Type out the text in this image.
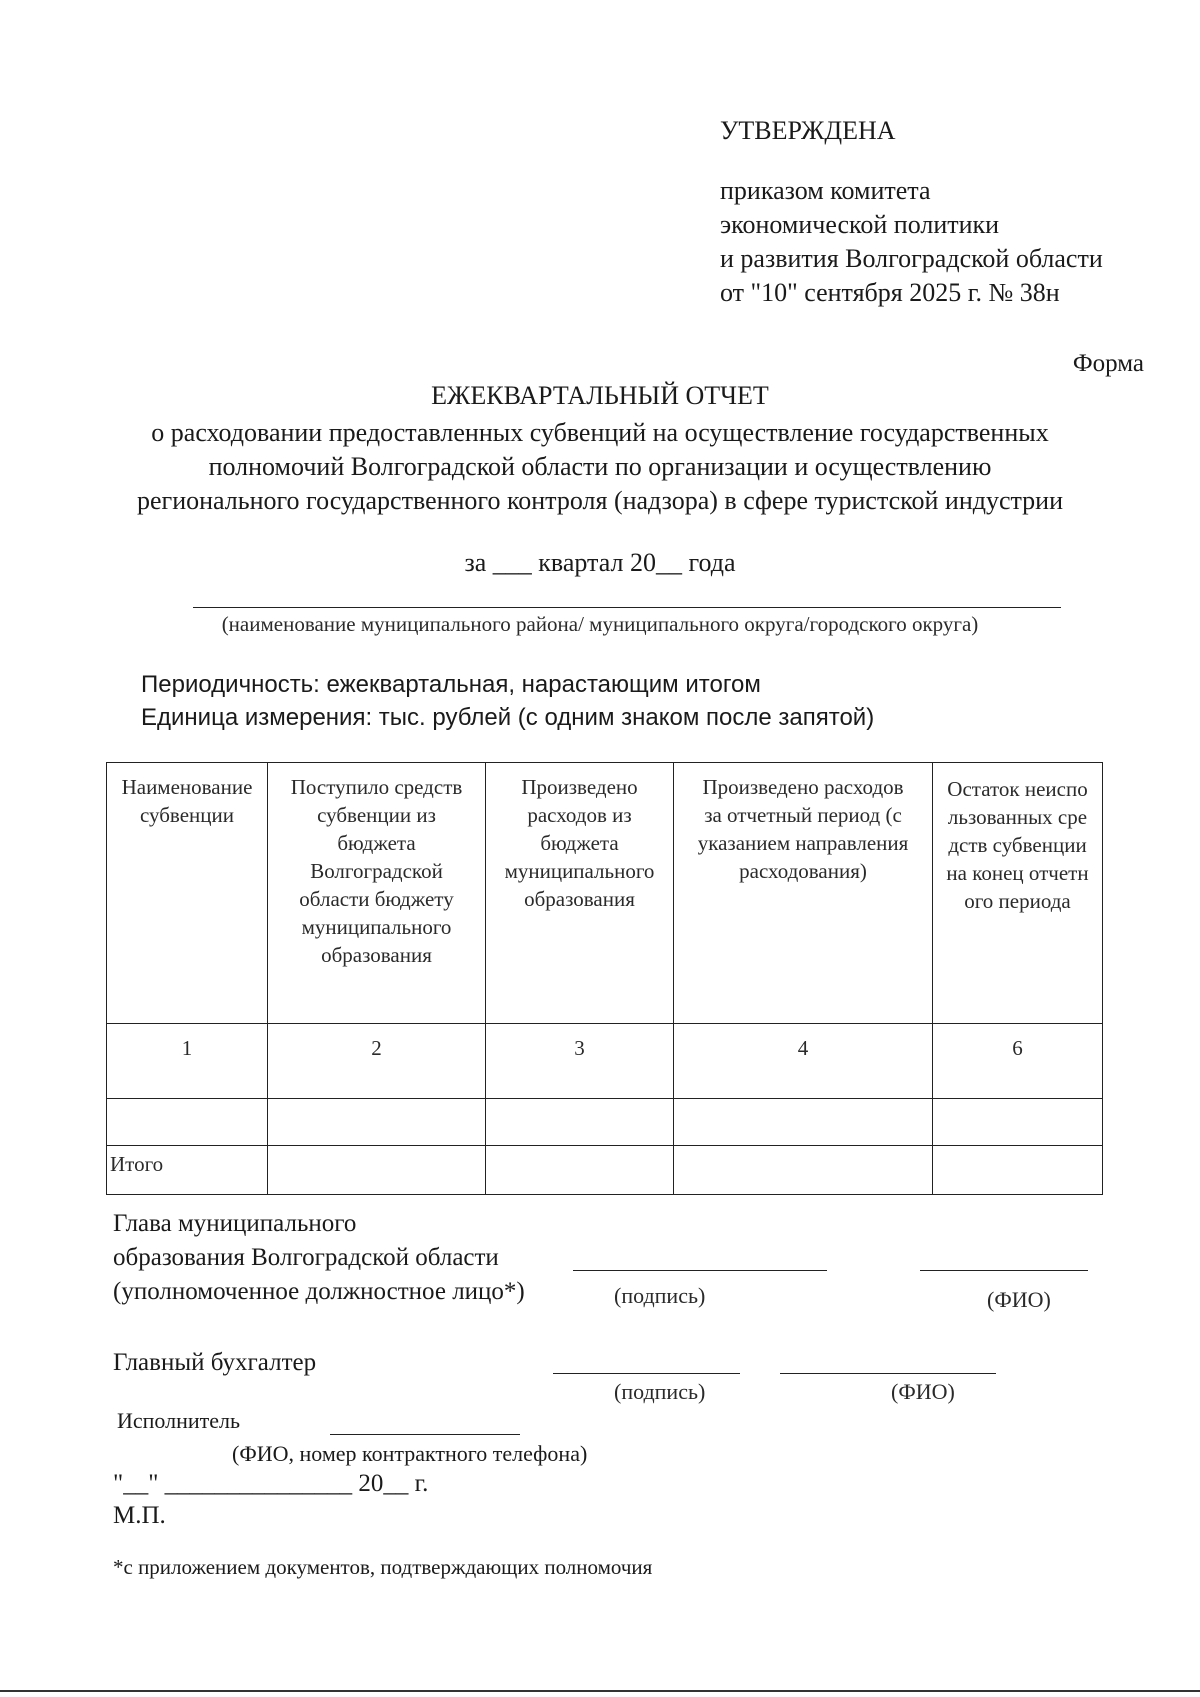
УТВЕРЖДЕНА
приказом комитета
экономической политики
и развития Волгоградской области
от "10" сентября 2025 г. № 38н
Форма
ЕЖЕКВАРТАЛЬНЫЙ ОТЧЕТ
о расходовании предоставленных субвенций на осуществление государственных
полномочий Волгоградской области по организации и осуществлению
регионального государственного контроля (надзора) в сфере туристской индустрии
за ___ квартал 20__ года
(наименование муниципального района/ муниципального округа/городского округа)
Периодичность: ежеквартальная, нарастающим итогом
Единица измерения: тыс. рублей (с одним знаком после запятой)
Наименование субвенции	Поступило средств субвенции из бюджета Волгоградской области бюджету муниципального образования	Произведено расходов из бюджета муниципального образования	Произведено расходов за отчетный период (с указанием направления расходования)	Остаток неиспользованных средств субвенции на конец отчетного периода
1	2	3	4	6

Итого				
Глава муниципального
образования Волгоградской области
(уполномоченное должностное лицо*)	(подпись)	(ФИО)
Главный бухгалтер
(подпись)	(ФИО)
Исполнитель
(ФИО, номер контрактного телефона)
"__" _______________ 20__ г.
М.П.
*с приложением документов, подтверждающих полномочия
